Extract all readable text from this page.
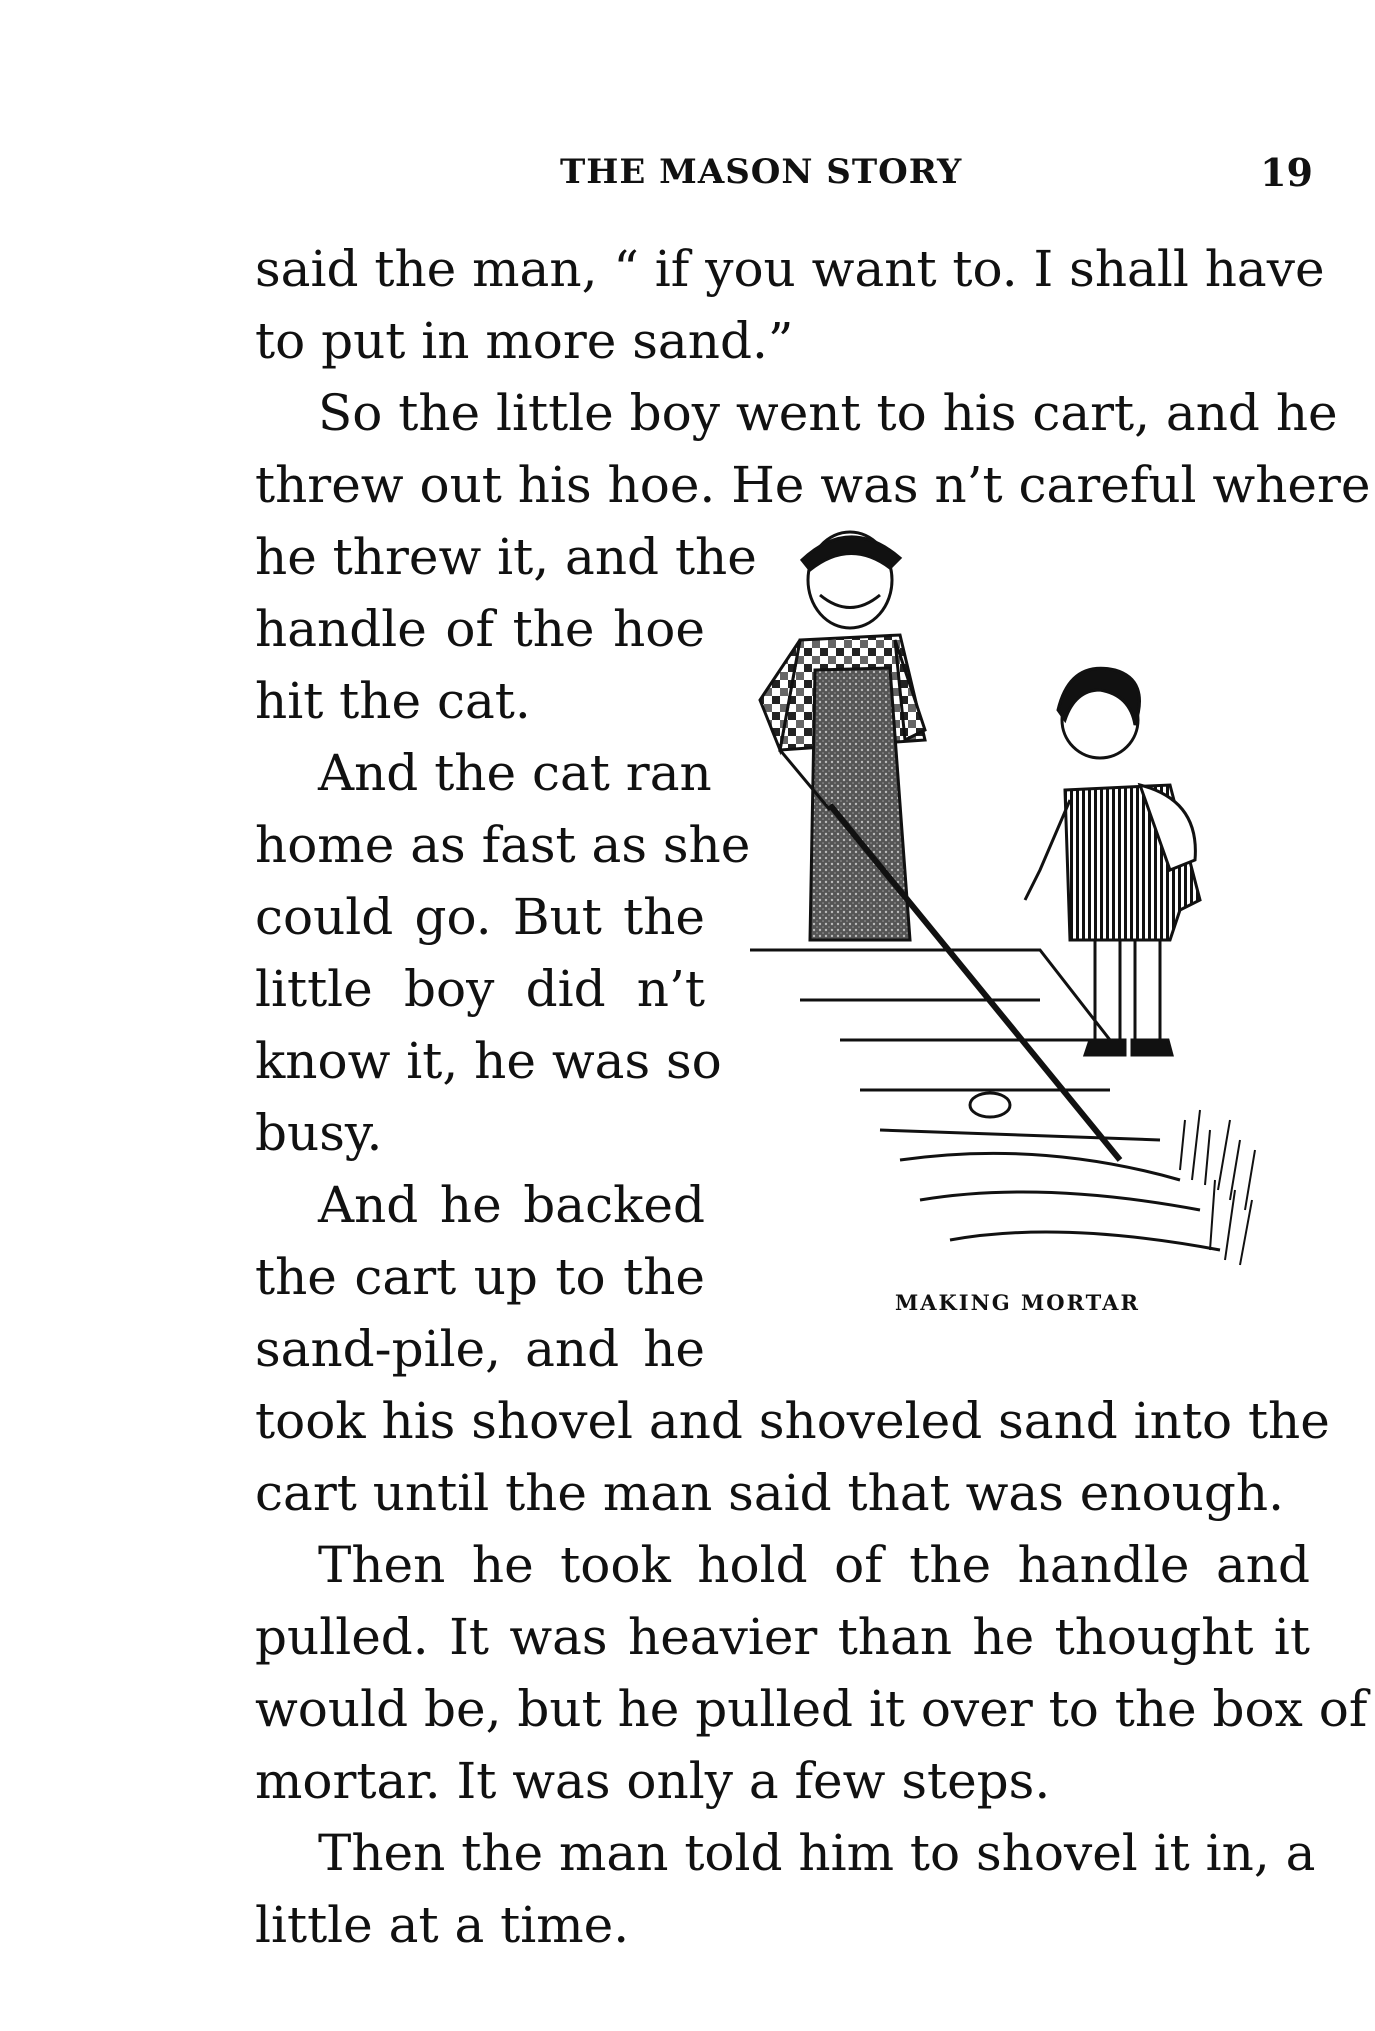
THE MASON STORY	19
said the man, “ if you want to. I shall have
to put in more sand.”
So the little boy went to his cart, and he
threw out his hoe. He was n’t careful where
he threw it, and the
handle of the hoe
hit the cat.
And the cat ran
home as fast as she
could go. But the
little boy did n’t
know it, he was so
busy.
And he backed
the cart up to the
sand-pile, and he
took his shovel and shoveled sand into the
cart until the man said that was enough.
Then he took hold of the handle and
pulled. It was heavier than he thought it
would be, but he pulled it over to the box of
mortar. It was only a few steps.
Then the man told him to shovel it in, a
little at a time.
MAKING MORTAR
